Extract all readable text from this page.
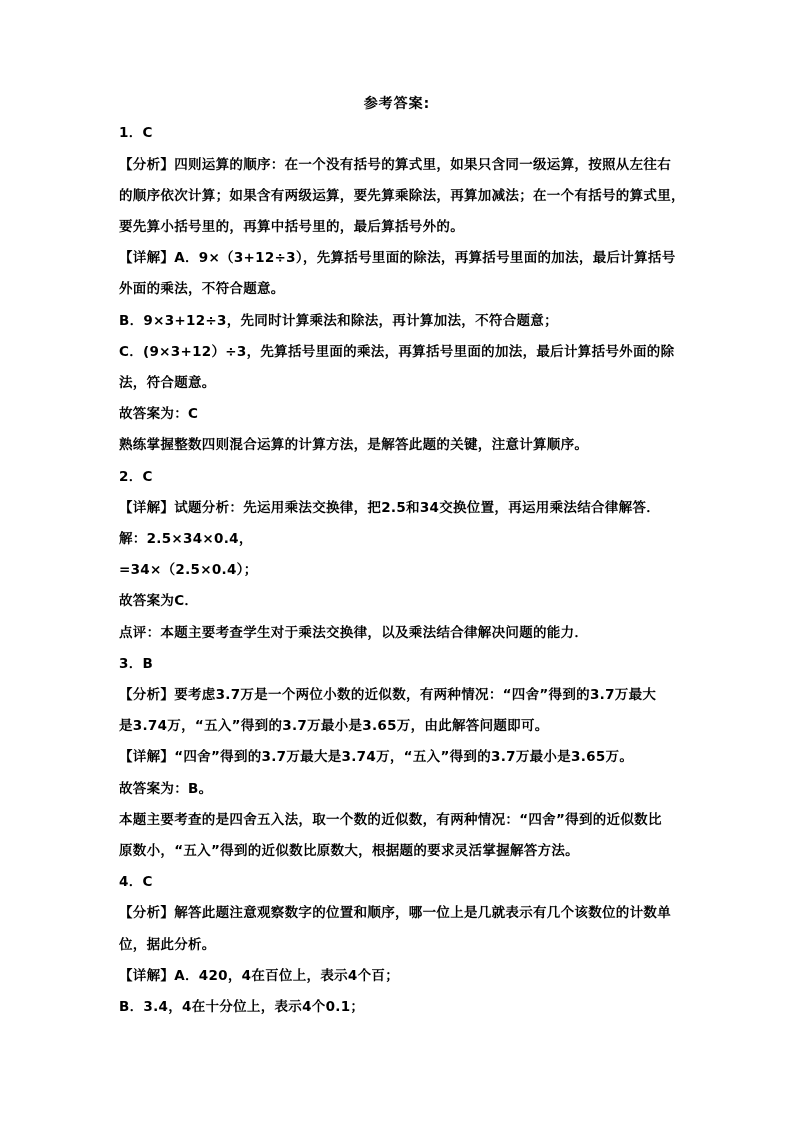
参考答案:
1．C
【分析】四则运算的顺序：在一个没有括号的算式里，如果只含同一级运算，按照从左往右
的顺序依次计算；如果含有两级运算，要先算乘除法，再算加减法；在一个有括号的算式里，
要先算小括号里的，再算中括号里的，最后算括号外的。
【详解】A．9×（3+12÷3），先算括号里面的除法，再算括号里面的加法，最后计算括号
外面的乘法，不符合题意。
B．9×3+12÷3，先同时计算乘法和除法，再计算加法，不符合题意；
C．(9×3+12）÷3，先算括号里面的乘法，再算括号里面的加法，最后计算括号外面的除
法，符合题意。
故答案为：C
熟练掌握整数四则混合运算的计算方法，是解答此题的关键，注意计算顺序。
2．C
【详解】试题分析：先运用乘法交换律，把2.5和34交换位置，再运用乘法结合律解答．
解：2.5×34×0.4，
=34×（2.5×0.4）；
故答案为C．
点评：本题主要考查学生对于乘法交换律，以及乘法结合律解决问题的能力．
3．B
【分析】要考虑3.7万是一个两位小数的近似数，有两种情况：“四舍”得到的3.7万最大
是3.74万，“五入”得到的3.7万最小是3.65万，由此解答问题即可。
【详解】“四舍”得到的3.7万最大是3.74万，“五入”得到的3.7万最小是3.65万。
故答案为：B。
本题主要考查的是四舍五入法，取一个数的近似数，有两种情况：“四舍”得到的近似数比
原数小，“五入”得到的近似数比原数大，根据题的要求灵活掌握解答方法。
4．C
【分析】解答此题注意观察数字的位置和顺序，哪一位上是几就表示有几个该数位的计数单
位，据此分析。
【详解】A．420，4在百位上，表示4个百；
B．3.4，4在十分位上，表示4个0.1；
